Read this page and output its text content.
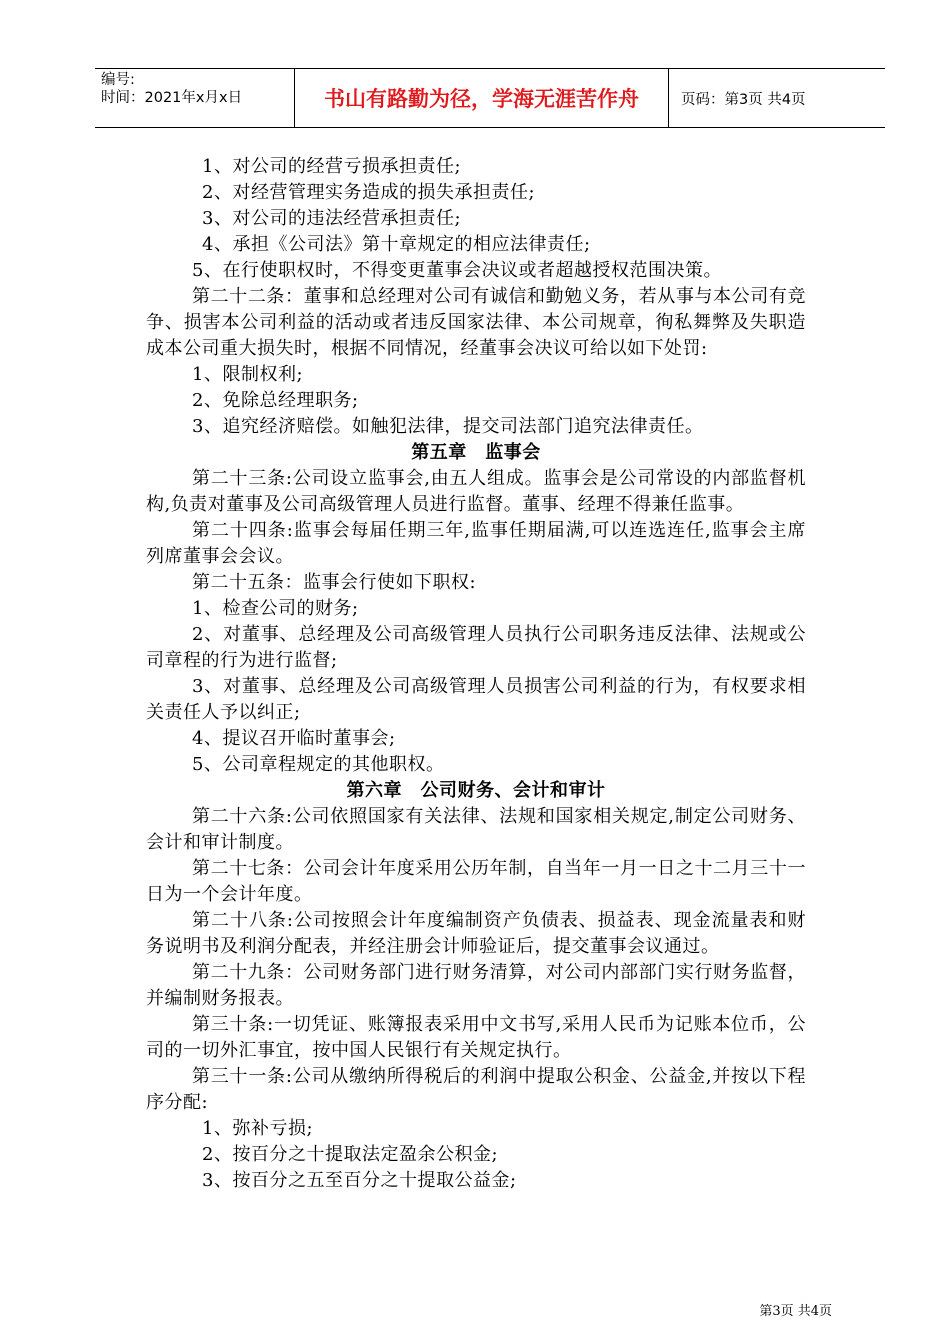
编号:
时间：2021年x月x日	书山有路勤为径，学海无涯苦作舟	页码：第3页 共4页

1、对公司的经营亏损承担责任;

2、对经营管理实务造成的损失承担责任;

3、对公司的违法经营承担责任;

4、承担《公司法》第十章规定的相应法律责任;

5、在行使职权时，不得变更董事会决议或者超越授权范围决策。

第二十二条：董事和总经理对公司有诚信和勤勉义务，若从事与本公司有竞争、损害本公司利益的活动或者违反国家法律、本公司规章，徇私舞弊及失职造成本公司重大损失时，根据不同情况，经董事会决议可给以如下处罚:

1、限制权利;

2、免除总经理职务;

3、追究经济赔偿。如触犯法律，提交司法部门追究法律责任。

第五章　监事会

第二十三条:公司设立监事会,由五人组成。监事会是公司常设的内部监督机构,负责对董事及公司高级管理人员进行监督。董事、经理不得兼任监事。

第二十四条:监事会每届任期三年,监事任期届满,可以连选连任,监事会主席列席董事会会议。

第二十五条：监事会行使如下职权:

1、检查公司的财务;

2、对董事、总经理及公司高级管理人员执行公司职务违反法律、法规或公司章程的行为进行监督;

3、对董事、总经理及公司高级管理人员损害公司利益的行为，有权要求相关责任人予以纠正;

4、提议召开临时董事会;

5、公司章程规定的其他职权。

第六章　公司财务、会计和审计

第二十六条:公司依照国家有关法律、法规和国家相关规定,制定公司财务、会计和审计制度。

第二十七条：公司会计年度采用公历年制，自当年一月一日之十二月三十一日为一个会计年度。

第二十八条:公司按照会计年度编制资产负债表、损益表、现金流量表和财务说明书及利润分配表，并经注册会计师验证后，提交董事会议通过。

第二十九条：公司财务部门进行财务清算，对公司内部部门实行财务监督，并编制财务报表。

第三十条:一切凭证、账簿报表采用中文书写,采用人民币为记账本位币，公司的一切外汇事宜，按中国人民银行有关规定执行。

第三十一条:公司从缴纳所得税后的利润中提取公积金、公益金,并按以下程序分配:

1、弥补亏损;

2、按百分之十提取法定盈余公积金;

3、按百分之五至百分之十提取公益金;

第3页 共4页
